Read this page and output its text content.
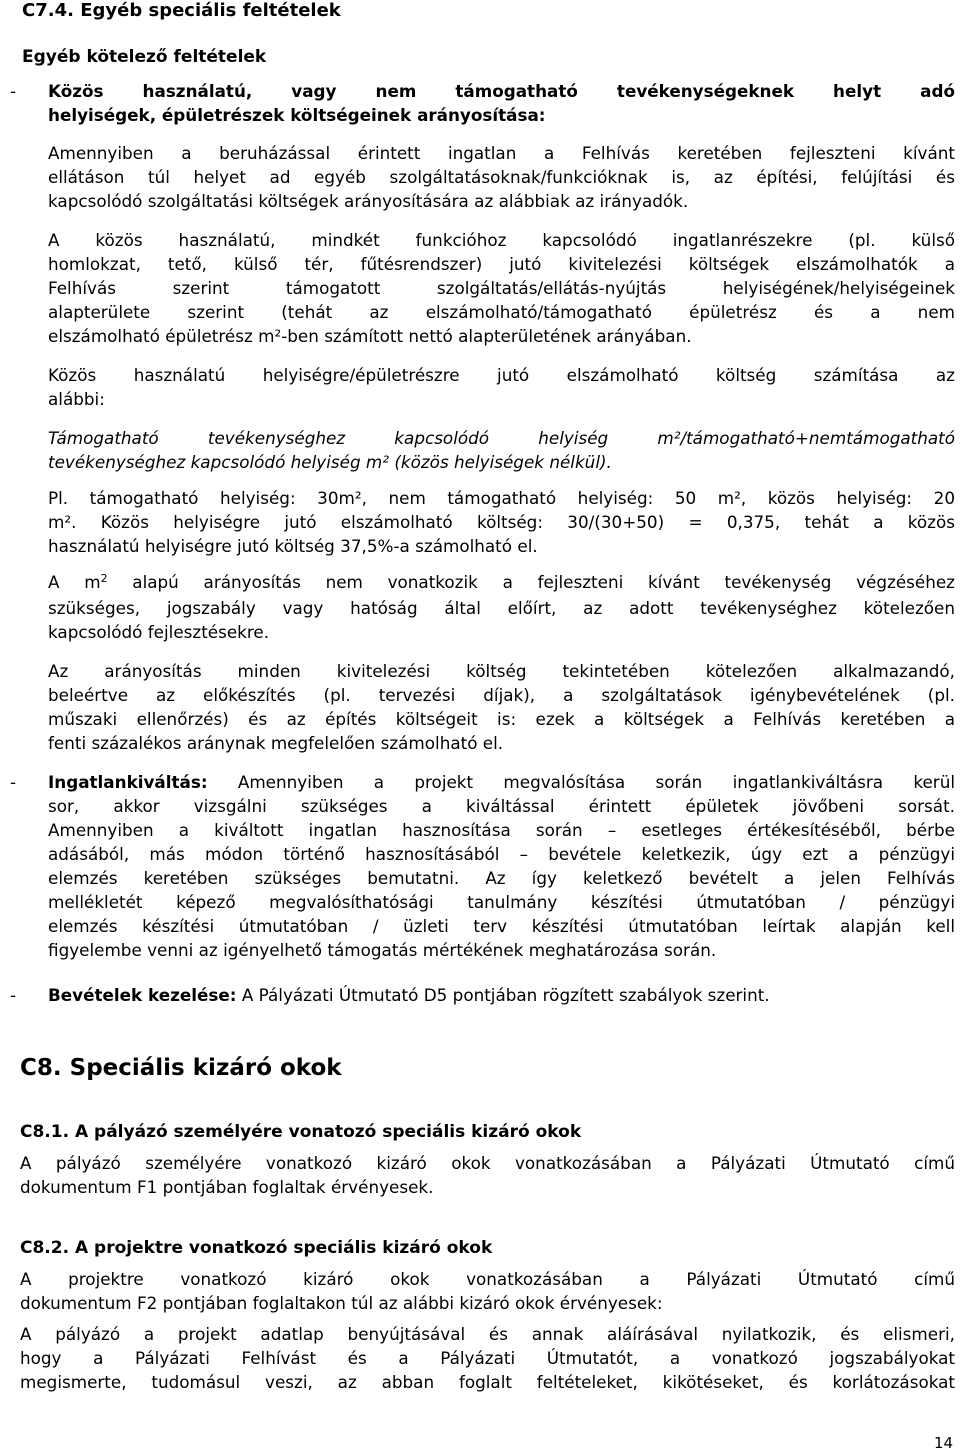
C7.4. Egyéb speciális feltételek
Egyéb kötelező feltételek
- Közös használatú, vagy nem támogatható tevékenységeknek helyt adó
helyiségek, épületrészek költségeinek arányosítása:
Amennyiben a beruházással érintett ingatlan a Felhívás keretében fejleszteni kívánt
ellátáson túl helyet ad egyéb szolgáltatásoknak/funkcióknak is, az építési, felújítási és
kapcsolódó szolgáltatási költségek arányosítására az alábbiak az irányadók.
A közös használatú, mindkét funkcióhoz kapcsolódó ingatlanrészekre (pl. külső
homlokzat, tető, külső tér, fűtésrendszer) jutó kivitelezési költségek elszámolhatók a
Felhívás szerint támogatott szolgáltatás/ellátás-nyújtás helyiségének/helyiségeinek
alapterülete szerint (tehát az elszámolható/támogatható épületrész és a nem
elszámolható épületrész m²-ben számított nettó alapterületének arányában.
Közös használatú helyiségre/épületrészre jutó elszámolható költség számítása az
alábbi:
Támogatható tevékenységhez kapcsolódó helyiség m²/támogatható+nemtámogatható
tevékenységhez kapcsolódó helyiség m² (közös helyiségek nélkül).
Pl. támogatható helyiség: 30m², nem támogatható helyiség: 50 m², közös helyiség: 20
m². Közös helyiségre jutó elszámolható költség: 30/(30+50) = 0,375, tehát a közös
használatú helyiségre jutó költség 37,5%-a számolható el.
A $m^2$ alapú arányosítás nem vonatkozik a fejleszteni kívánt tevékenység végzéséhez
szükséges, jogszabály vagy hatóság által előírt, az adott tevékenységhez kötelezően
kapcsolódó fejlesztésekre.
Az arányosítás minden kivitelezési költség tekintetében kötelezően alkalmazandó,
beleértve az előkészítés (pl. tervezési díjak), a szolgáltatások igénybevételének (pl.
műszaki ellenőrzés) és az építés költségeit is: ezek a költségek a Felhívás keretében a
fenti százalékos aránynak megfelelően számolható el.
- Ingatlankiváltás: Amennyiben a projekt megvalósítása során ingatlankiváltásra kerül
sor, akkor vizsgálni szükséges a kiváltással érintett épületek jövőbeni sorsát.
Amennyiben a kiváltott ingatlan hasznosítása során – esetleges értékesítéséből, bérbe
adásából, más módon történő hasznosításából – bevétele keletkezik, úgy ezt a pénzügyi
elemzés keretében szükséges bemutatni. Az így keletkező bevételt a jelen Felhívás
mellékletét képező megvalósíthatósági tanulmány készítési útmutatóban / pénzügyi
elemzés készítési útmutatóban / üzleti terv készítési útmutatóban leírtak alapján kell
figyelembe venni az igényelhető támogatás mértékének meghatározása során.
- Bevételek kezelése: A Pályázati Útmutató D5 pontjában rögzített szabályok szerint.
C8. Speciális kizáró okok
C8.1. A pályázó személyére vonatozó speciális kizáró okok
A pályázó személyére vonatkozó kizáró okok vonatkozásában a Pályázati Útmutató című
dokumentum F1 pontjában foglaltak érvényesek.
C8.2. A projektre vonatkozó speciális kizáró okok
A projektre vonatkozó kizáró okok vonatkozásában a Pályázati Útmutató című
dokumentum F2 pontjában foglaltakon túl az alábbi kizáró okok érvényesek:
A pályázó a projekt adatlap benyújtásával és annak aláírásával nyilatkozik, és elismeri,
hogy a Pályázati Felhívást és a Pályázati Útmutatót, a vonatkozó jogszabályokat
megismerte, tudomásul veszi, az abban foglalt feltételeket, kikötéseket, és korlátozásokat
14
